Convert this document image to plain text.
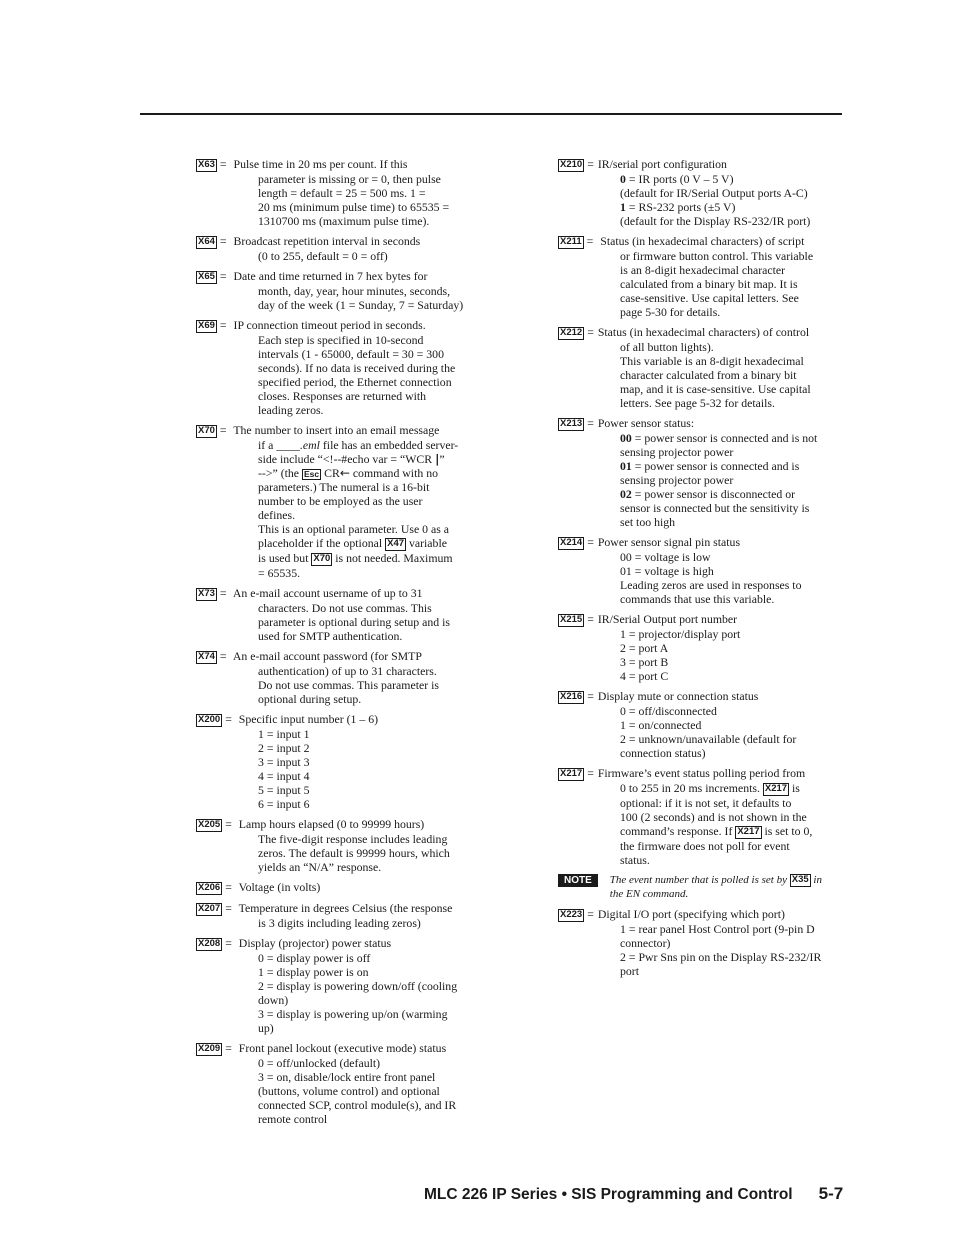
X63 = Pulse time in 20 ms per count. If this
parameter is missing or = 0, then pulse
length = default = 25 = 500 ms. 1 =
20 ms (minimum pulse time) to 65535 =
1310700 ms (maximum pulse time).
X64 = Broadcast repetition interval in seconds
(0 to 255, default = 0 = off)
X65 = Date and time returned in 7 hex bytes for
month, day, year, hour minutes, seconds,
day of the week (1 = Sunday, 7 = Saturday)
X69 = IP connection timeout period in seconds.
Each step is specified in 10-second
intervals (1 - 65000, default = 30 = 300
seconds). If no data is received during the
specified period, the Ethernet connection
closes. Responses are returned with
leading zeros.
X70 = The number to insert into an email message
if a ____.eml file has an embedded server-
side include “<!--#echo var = “WCR |”
-->” (the Esc CR← command with no
parameters.) The numeral is a 16-bit
number to be employed as the user
defines.
This is an optional parameter. Use 0 as a
placeholder if the optional X47 variable
is used but X70 is not needed. Maximum
= 65535.
X73 = An e-mail account username of up to 31
characters. Do not use commas. This
parameter is optional during setup and is
used for SMTP authentication.
X74 = An e-mail account password (for SMTP
authentication) of up to 31 characters.
Do not use commas. This parameter is
optional during setup.
X200 = Specific input number (1 – 6)
1 = input 1
2 = input 2
3 = input 3
4 = input 4
5 = input 5
6 = input 6
X205 = Lamp hours elapsed (0 to 99999 hours)
The five-digit response includes leading
zeros. The default is 99999 hours, which
yields an “N/A” response.
X206 = Voltage (in volts)
X207 = Temperature in degrees Celsius (the response
is 3 digits including leading zeros)
X208 = Display (projector) power status
0 = display power is off
1 = display power is on
2 = display is powering down/off (cooling
down)
3 = display is powering up/on (warming
up)
X209 = Front panel lockout (executive mode) status
0 = off/unlocked (default)
3 = on, disable/lock entire front panel
(buttons, volume control) and optional
connected SCP, control module(s), and IR
remote control
X210 = IR/serial port configuration
0 = IR ports (0 V – 5 V)
(default for IR/Serial Output ports A-C)
1 = RS-232 ports (±5 V)
(default for the Display RS-232/IR port)
X211 = Status (in hexadecimal characters) of script
or firmware button control. This variable
is an 8-digit hexadecimal character
calculated from a binary bit map. It is
case-sensitive. Use capital letters. See
page 5-30 for details.
X212 = Status (in hexadecimal characters) of control
of all button lights).
This variable is an 8-digit hexadecimal
character calculated from a binary bit
map, and it is case-sensitive. Use capital
letters. See page 5-32 for details.
X213 = Power sensor status:
00 = power sensor is connected and is not
sensing projector power
01 = power sensor is connected and is
sensing projector power
02 = power sensor is disconnected or
sensor is connected but the sensitivity is
set too high
X214 = Power sensor signal pin status
00 = voltage is low
01 = voltage is high
Leading zeros are used in responses to
commands that use this variable.
X215 = IR/Serial Output port number
1 = projector/display port
2 = port A
3 = port B
4 = port C
X216 = Display mute or connection status
0 = off/disconnected
1 = on/connected
2 = unknown/unavailable (default for
connection status)
X217 = Firmware’s event status polling period from
0 to 255 in 20 ms increments. X217 is
optional: if it is not set, it defaults to
100 (2 seconds) and is not shown in the
command’s response. If X217 is set to 0,
the firmware does not poll for event
status.
NOTE	The event number that is polled is set by X35 in
the EN command.
X223 = Digital I/O port (specifying which port)
1 = rear panel Host Control port (9-pin D
connector)
2 = Pwr Sns pin on the Display RS-232/IR
port
MLC 226 IP Series • SIS Programming and Control 5-7
